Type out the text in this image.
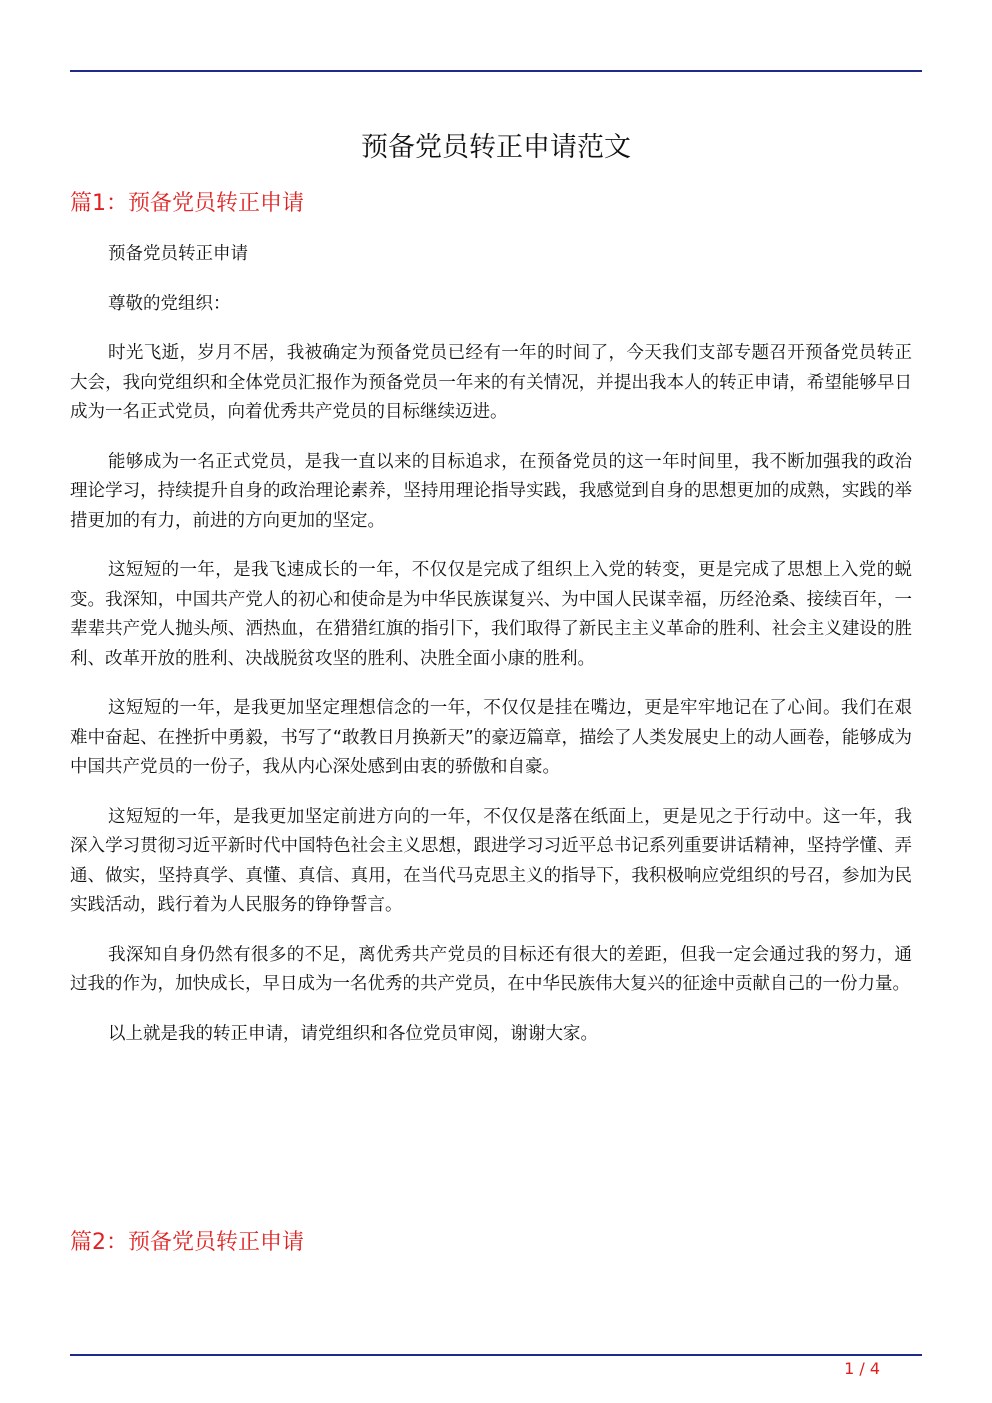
预备党员转正申请范文
篇1：预备党员转正申请

预备党员转正申请

尊敬的党组织：

时光飞逝，岁月不居，我被确定为预备党员已经有一年的时间了，今天我们支部专题召开预备党员转正大会，我向党组织和全体党员汇报作为预备党员一年来的有关情况，并提出我本人的转正申请，希望能够早日成为一名正式党员，向着优秀共产党员的目标继续迈进。

能够成为一名正式党员，是我一直以来的目标追求，在预备党员的这一年时间里，我不断加强我的政治理论学习，持续提升自身的政治理论素养，坚持用理论指导实践，我感觉到自身的思想更加的成熟，实践的举措更加的有力，前进的方向更加的坚定。

这短短的一年，是我飞速成长的一年，不仅仅是完成了组织上入党的转变，更是完成了思想上入党的蜕变。我深知，中国共产党人的初心和使命是为中华民族谋复兴、为中国人民谋幸福，历经沧桑、接续百年，一辈辈共产党人抛头颅、洒热血，在猎猎红旗的指引下，我们取得了新民主主义革命的胜利、社会主义建设的胜利、改革开放的胜利、决战脱贫攻坚的胜利、决胜全面小康的胜利。

这短短的一年，是我更加坚定理想信念的一年，不仅仅是挂在嘴边，更是牢牢地记在了心间。我们在艰难中奋起、在挫折中勇毅，书写了“敢教日月换新天”的豪迈篇章，描绘了人类发展史上的动人画卷，能够成为中国共产党员的一份子，我从内心深处感到由衷的骄傲和自豪。

这短短的一年，是我更加坚定前进方向的一年，不仅仅是落在纸面上，更是见之于行动中。这一年，我深入学习贯彻习近平新时代中国特色社会主义思想，跟进学习习近平总书记系列重要讲话精神，坚持学懂、弄通、做实，坚持真学、真懂、真信、真用，在当代马克思主义的指导下，我积极响应党组织的号召，参加为民实践活动，践行着为人民服务的铮铮誓言。

我深知自身仍然有很多的不足，离优秀共产党员的目标还有很大的差距，但我一定会通过我的努力，通过我的作为，加快成长，早日成为一名优秀的共产党员，在中华民族伟大复兴的征途中贡献自己的一份力量。

以上就是我的转正申请，请党组织和各位党员审阅，谢谢大家。

篇2：预备党员转正申请
1 / 4
